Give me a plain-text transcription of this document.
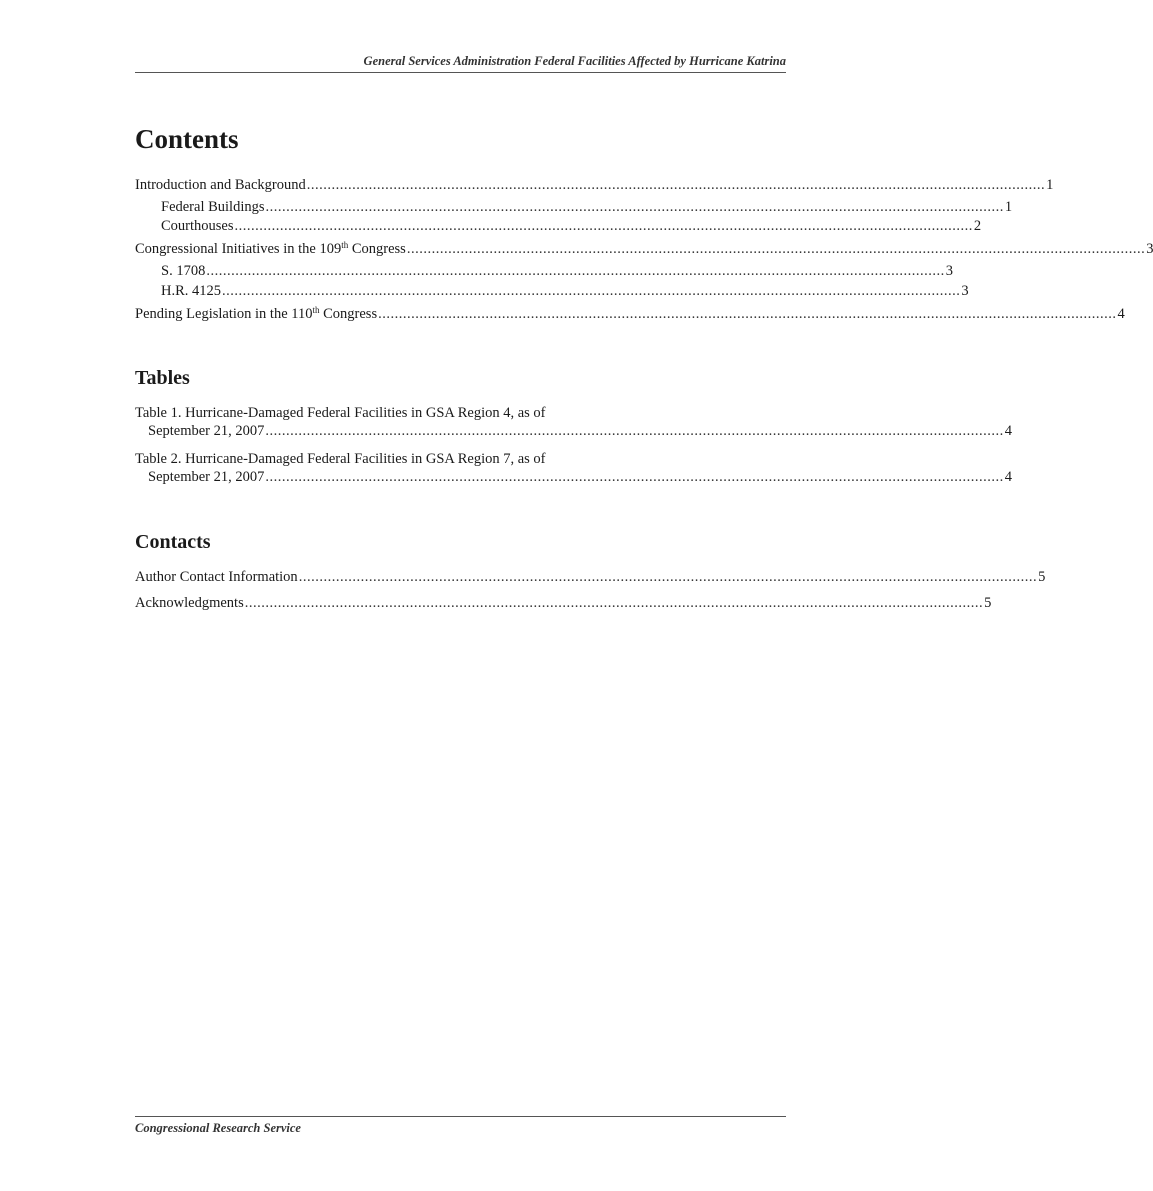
General Services Administration Federal Facilities Affected by Hurricane Katrina
Contents
Introduction and Background ................................................................................................................................................................................... 1
Federal Buildings ................................................................................................................................................................................... 1
Courthouses ................................................................................................................................................................................... 2
Congressional Initiatives in the 109th Congress ................................................................................................................................................................................... 3
S. 1708 ................................................................................................................................................................................... 3
H.R. 4125 ................................................................................................................................................................................... 3
Pending Legislation in the 110th Congress ................................................................................................................................................................................... 4
Tables
Table 1. Hurricane-Damaged Federal Facilities in GSA Region 4, as of
September 21, 2007 ................................................................................................................................................................................... 4
Table 2. Hurricane-Damaged Federal Facilities in GSA Region 7, as of
September 21, 2007 ................................................................................................................................................................................... 4
Contacts
Author Contact Information ................................................................................................................................................................................... 5
Acknowledgments ................................................................................................................................................................................... 5
Congressional Research Service
